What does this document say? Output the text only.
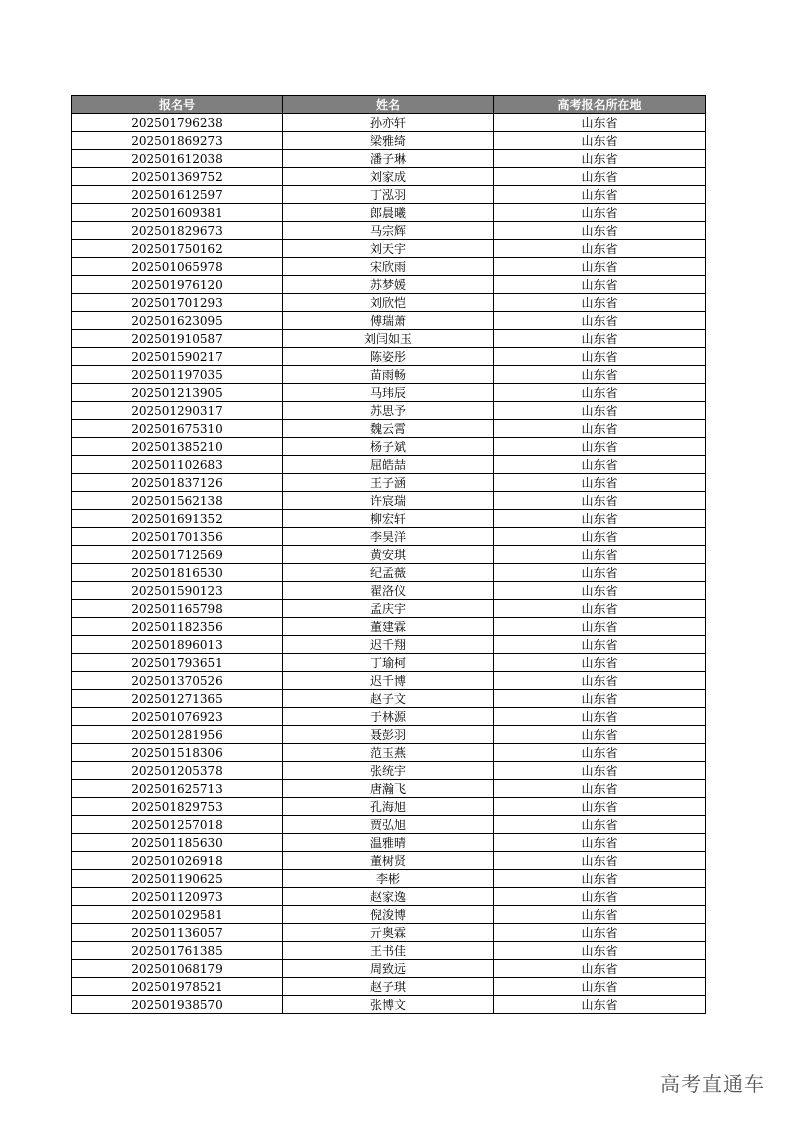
报名号	姓名	高考报名所在地
202501796238	孙亦轩	山东省
202501869273	梁雅绮	山东省
202501612038	潘子琳	山东省
202501369752	刘家成	山东省
202501612597	丁泓羽	山东省
202501609381	郎晨曦	山东省
202501829673	马宗辉	山东省
202501750162	刘天宇	山东省
202501065978	宋欣雨	山东省
202501976120	苏梦媛	山东省
202501701293	刘欣恺	山东省
202501623095	傅瑞萧	山东省
202501910587	刘闫如玉	山东省
202501590217	陈姿彤	山东省
202501197035	苗雨畅	山东省
202501213905	马玮辰	山东省
202501290317	苏思予	山东省
202501675310	魏云霄	山东省
202501385210	杨子斌	山东省
202501102683	屈皓喆	山东省
202501837126	王子涵	山东省
202501562138	许宸瑞	山东省
202501691352	柳宏轩	山东省
202501701356	李昊洋	山东省
202501712569	黄安琪	山东省
202501816530	纪孟薇	山东省
202501590123	翟洛仪	山东省
202501165798	孟庆宇	山东省
202501182356	董建霖	山东省
202501896013	迟千翔	山东省
202501793651	丁瑜柯	山东省
202501370526	迟千博	山东省
202501271365	赵子文	山东省
202501076923	于林源	山东省
202501281956	聂彭羽	山东省
202501518306	范玉燕	山东省
202501205378	张统宇	山东省
202501625713	唐瀚飞	山东省
202501829753	孔海旭	山东省
202501257018	贾弘旭	山东省
202501185630	温雅晴	山东省
202501026918	董树贤	山东省
202501190625	李彬	山东省
202501120973	赵家逸	山东省
202501029581	倪浚博	山东省
202501136057	亓奥霖	山东省
202501761385	王书佳	山东省
202501068179	周致远	山东省
202501978521	赵子琪	山东省
202501938570	张博文	山东省
高考直通车
